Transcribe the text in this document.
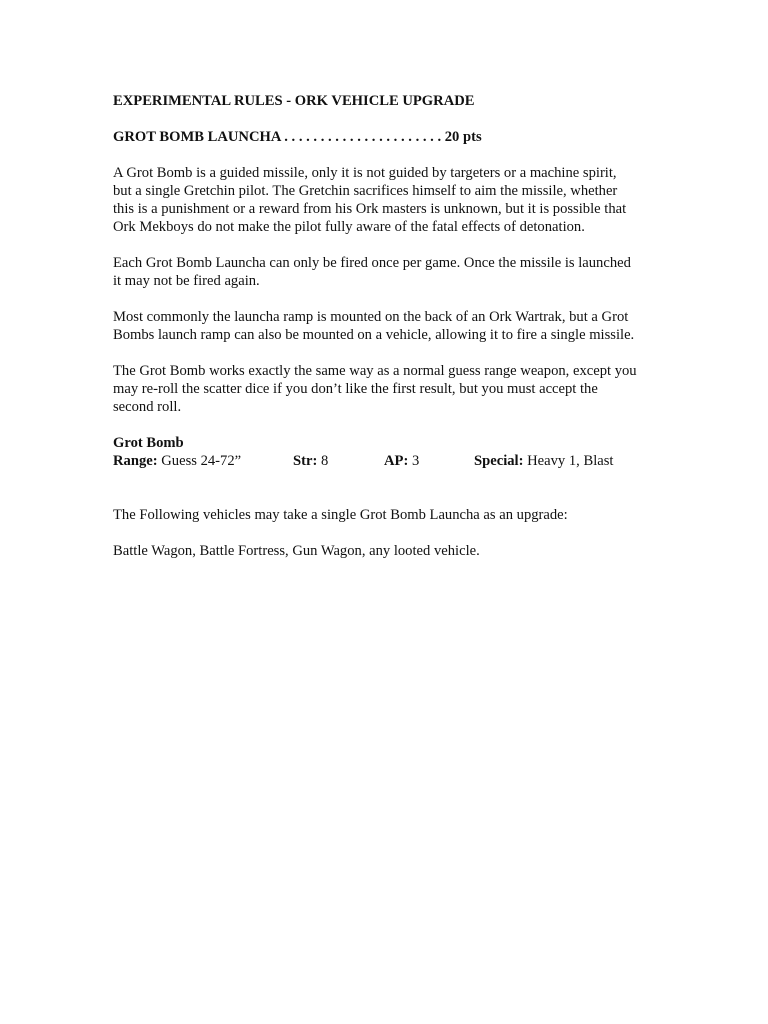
EXPERIMENTAL RULES - ORK VEHICLE UPGRADE
GROT BOMB LAUNCHA . . . . . . . . . . . . . . . . . . . . . . 20 pts
A Grot Bomb is a guided missile, only it is not guided by targeters or a machine spirit,
but a single Gretchin pilot. The Gretchin sacrifices himself to aim the missile, whether
this is a punishment or a reward from his Ork masters is unknown, but it is possible that
Ork Mekboys do not make the pilot fully aware of the fatal effects of detonation.
Each Grot Bomb Launcha can only be fired once per game. Once the missile is launched
it may not be fired again.
Most commonly the launcha ramp is mounted on the back of an Ork Wartrak, but a Grot
Bombs launch ramp can also be mounted on a vehicle, allowing it to fire a single missile.
The Grot Bomb works exactly the same way as a normal guess range weapon, except you
may re-roll the scatter dice if you don’t like the first result, but you must accept the
second roll.
Grot Bomb
Range: Guess 24-72”	Str: 8	AP: 3	Special: Heavy 1, Blast
The Following vehicles may take a single Grot Bomb Launcha as an upgrade:
Battle Wagon, Battle Fortress, Gun Wagon, any looted vehicle.
